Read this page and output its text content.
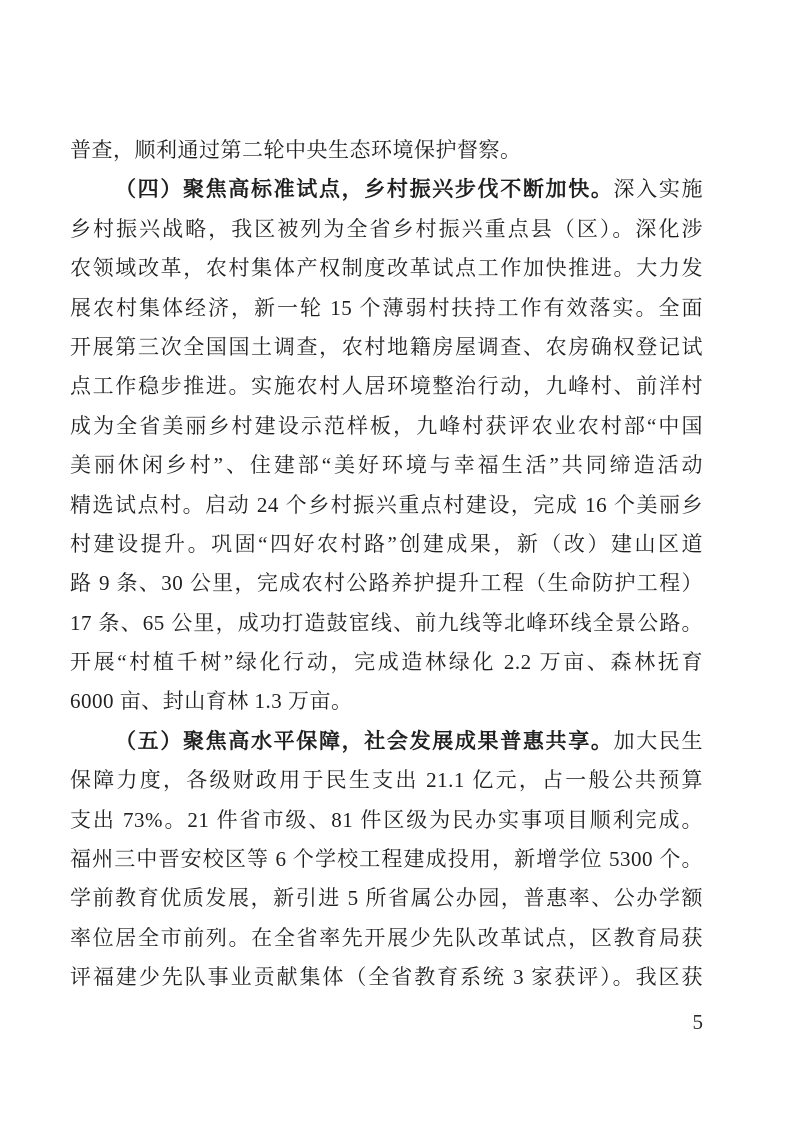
普查，顺利通过第二轮中央生态环境保护督察。
（四）聚焦高标准试点，乡村振兴步伐不断加快。深入实施
乡村振兴战略，我区被列为全省乡村振兴重点县（区）。深化涉
农领域改革，农村集体产权制度改革试点工作加快推进。大力发
展农村集体经济，新一轮 15 个薄弱村扶持工作有效落实。全面
开展第三次全国国土调查，农村地籍房屋调查、农房确权登记试
点工作稳步推进。实施农村人居环境整治行动，九峰村、前洋村
成为全省美丽乡村建设示范样板，九峰村获评农业农村部“中国
美丽休闲乡村”、住建部“美好环境与幸福生活”共同缔造活动
精选试点村。启动 24 个乡村振兴重点村建设，完成 16 个美丽乡
村建设提升。巩固“四好农村路”创建成果，新（改）建山区道
路 9 条、30 公里，完成农村公路养护提升工程（生命防护工程）
17 条、65 公里，成功打造鼓宦线、前九线等北峰环线全景公路。
开展“村植千树”绿化行动，完成造林绿化 2.2 万亩、森林抚育
6000 亩、封山育林 1.3 万亩。
（五）聚焦高水平保障，社会发展成果普惠共享。加大民生
保障力度，各级财政用于民生支出 21.1 亿元，占一般公共预算
支出 73%。21 件省市级、81 件区级为民办实事项目顺利完成。
福州三中晋安校区等 6 个学校工程建成投用，新增学位 5300 个。
学前教育优质发展，新引进 5 所省属公办园，普惠率、公办学额
率位居全市前列。在全省率先开展少先队改革试点，区教育局获
评福建少先队事业贡献集体（全省教育系统 3 家获评）。我区获
5
